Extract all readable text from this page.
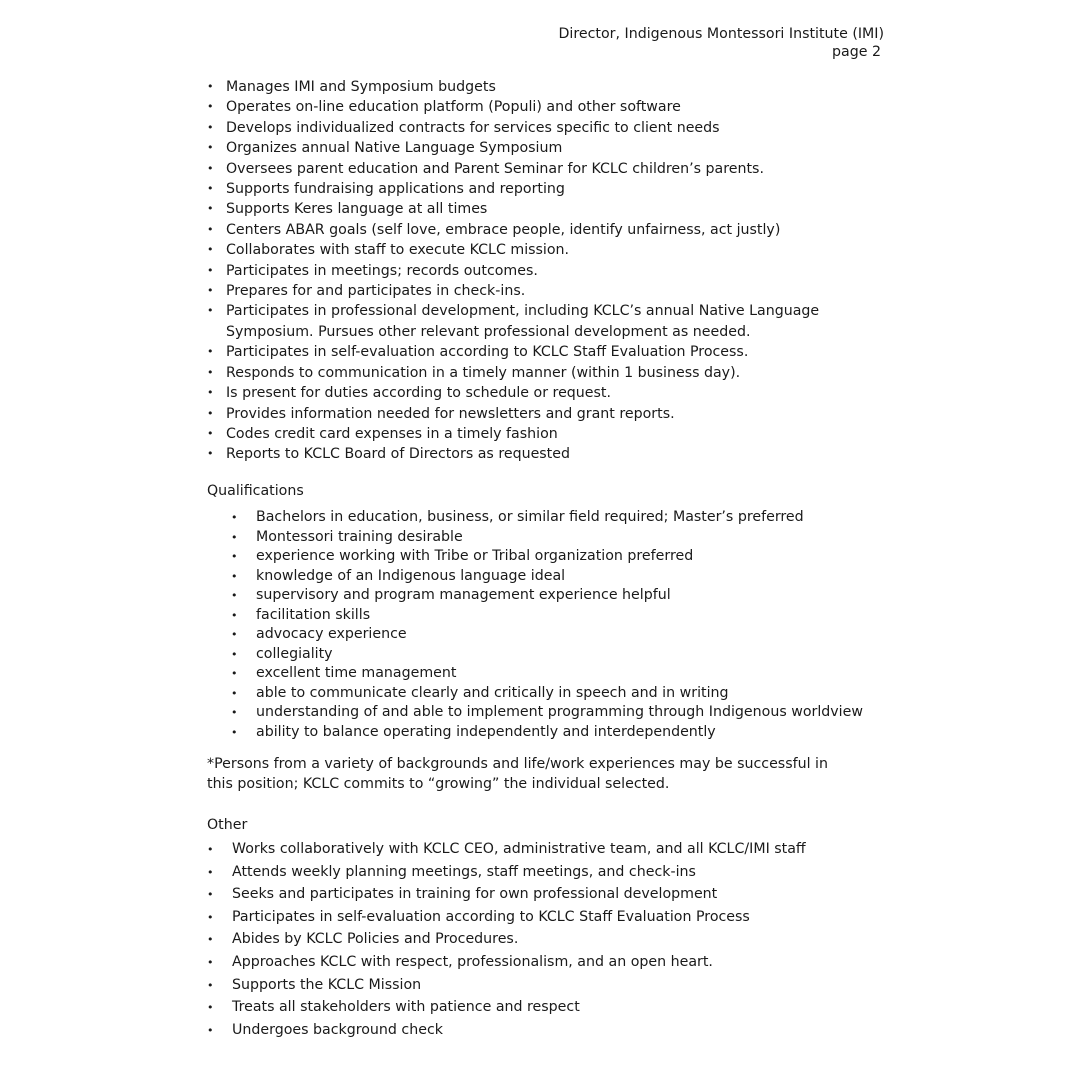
Director, Indigenous Montessori Institute (IMI)
page 2
• Manages IMI and Symposium budgets
• Operates on-line education platform (Populi) and other software
• Develops individualized contracts for services specific to client needs
• Organizes annual Native Language Symposium
• Oversees parent education and Parent Seminar for KCLC children’s parents.
• Supports fundraising applications and reporting
• Supports Keres language at all times
• Centers ABAR goals (self love, embrace people, identify unfairness, act justly)
• Collaborates with staff to execute KCLC mission.
• Participates in meetings; records outcomes.
• Prepares for and participates in check-ins.
• Participates in professional development, including KCLC’s annual Native Language Symposium. Pursues other relevant professional development as needed.
• Participates in self-evaluation according to KCLC Staff Evaluation Process.
• Responds to communication in a timely manner (within 1 business day).
• Is present for duties according to schedule or request.
• Provides information needed for newsletters and grant reports.
• Codes credit card expenses in a timely fashion
• Reports to KCLC Board of Directors as requested
Qualifications
• Bachelors in education, business, or similar field required; Master’s preferred
• Montessori training desirable
• experience working with Tribe or Tribal organization preferred
• knowledge of an Indigenous language ideal
• supervisory and program management experience helpful
• facilitation skills
• advocacy experience
• collegiality
• excellent time management
• able to communicate clearly and critically in speech and in writing
• understanding of and able to implement programming through Indigenous worldview
• ability to balance operating independently and interdependently

*Persons from a variety of backgrounds and life/work experiences may be successful in this position; KCLC commits to “growing” the individual selected.

Other
• Works collaboratively with KCLC CEO, administrative team, and all KCLC/IMI staff
• Attends weekly planning meetings, staff meetings, and check-ins
• Seeks and participates in training for own professional development
• Participates in self-evaluation according to KCLC Staff Evaluation Process
• Abides by KCLC Policies and Procedures.
• Approaches KCLC with respect, professionalism, and an open heart.
• Supports the KCLC Mission
• Treats all stakeholders with patience and respect
• Undergoes background check
